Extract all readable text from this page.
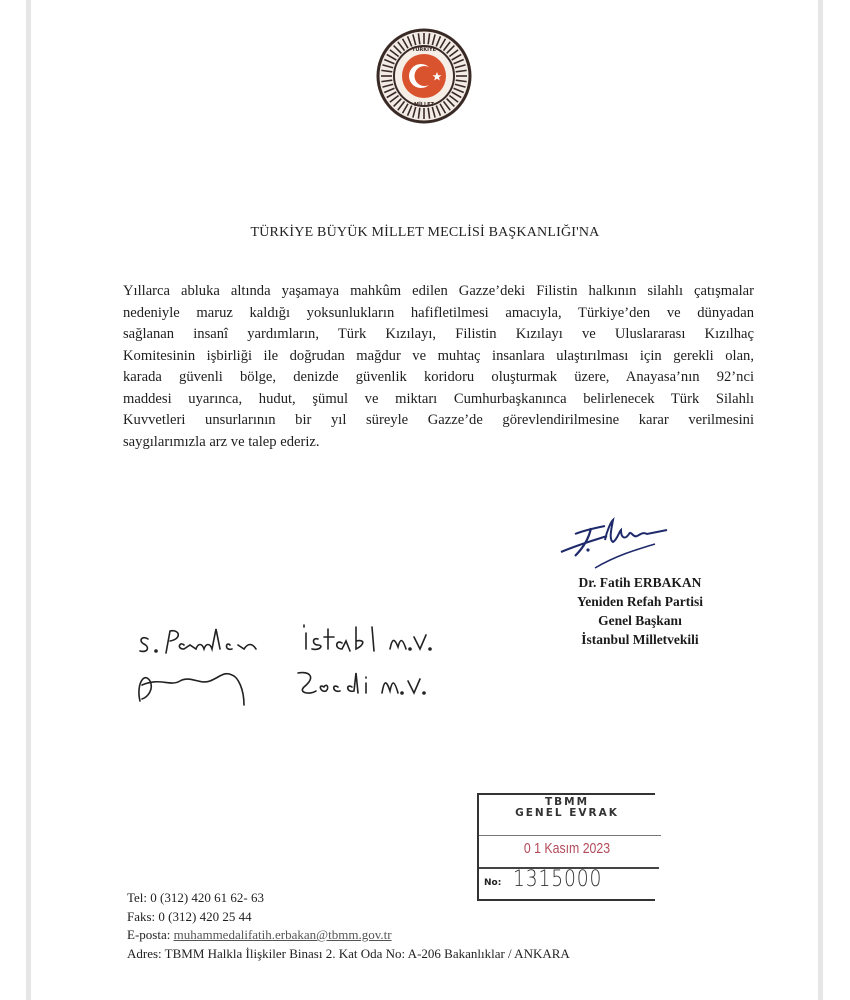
TÜRKİYE
MİLLET
TÜRKİYE BÜYÜK MİLLET MECLİSİ BAŞKANLIĞI'NA
Yıllarca abluka altında yaşamaya mahkûm edilen Gazze’deki Filistin halkının silahlı çatışmalar
nedeniyle maruz kaldığı yoksunlukların hafifletilmesi amacıyla, Türkiye’den ve dünyadan
sağlanan insanî yardımların, Türk Kızılayı, Filistin Kızılayı ve Uluslararası Kızılhaç
Komitesinin işbirliği ile doğrudan mağdur ve muhtaç insanlara ulaştırılması için gerekli olan,
karada güvenli bölge, denizde güvenlik koridoru oluşturmak üzere, Anayasa’nın 92’nci
maddesi uyarınca, hudut, şümul ve miktarı Cumhurbaşkanınca belirlenecek Türk Silahlı
Kuvvetleri unsurlarının bir yıl süreyle Gazze’de görevlendirilmesine karar verilmesini
saygılarımızla arz ve talep ederiz.
Dr. Fatih ERBAKAN
Yeniden Refah Partisi
Genel Başkanı
İstanbul Milletvekili
TBMM
GENEL EVRAK
0 1 Kasım 2023
No: 1315000
Tel: 0 (312) 420 61 62- 63
Faks: 0 (312) 420 25 44
E-posta: muhammedalifatih.erbakan@tbmm.gov.tr
Adres: TBMM Halkla İlişkiler Binası 2. Kat Oda No: A-206 Bakanlıklar / ANKARA
